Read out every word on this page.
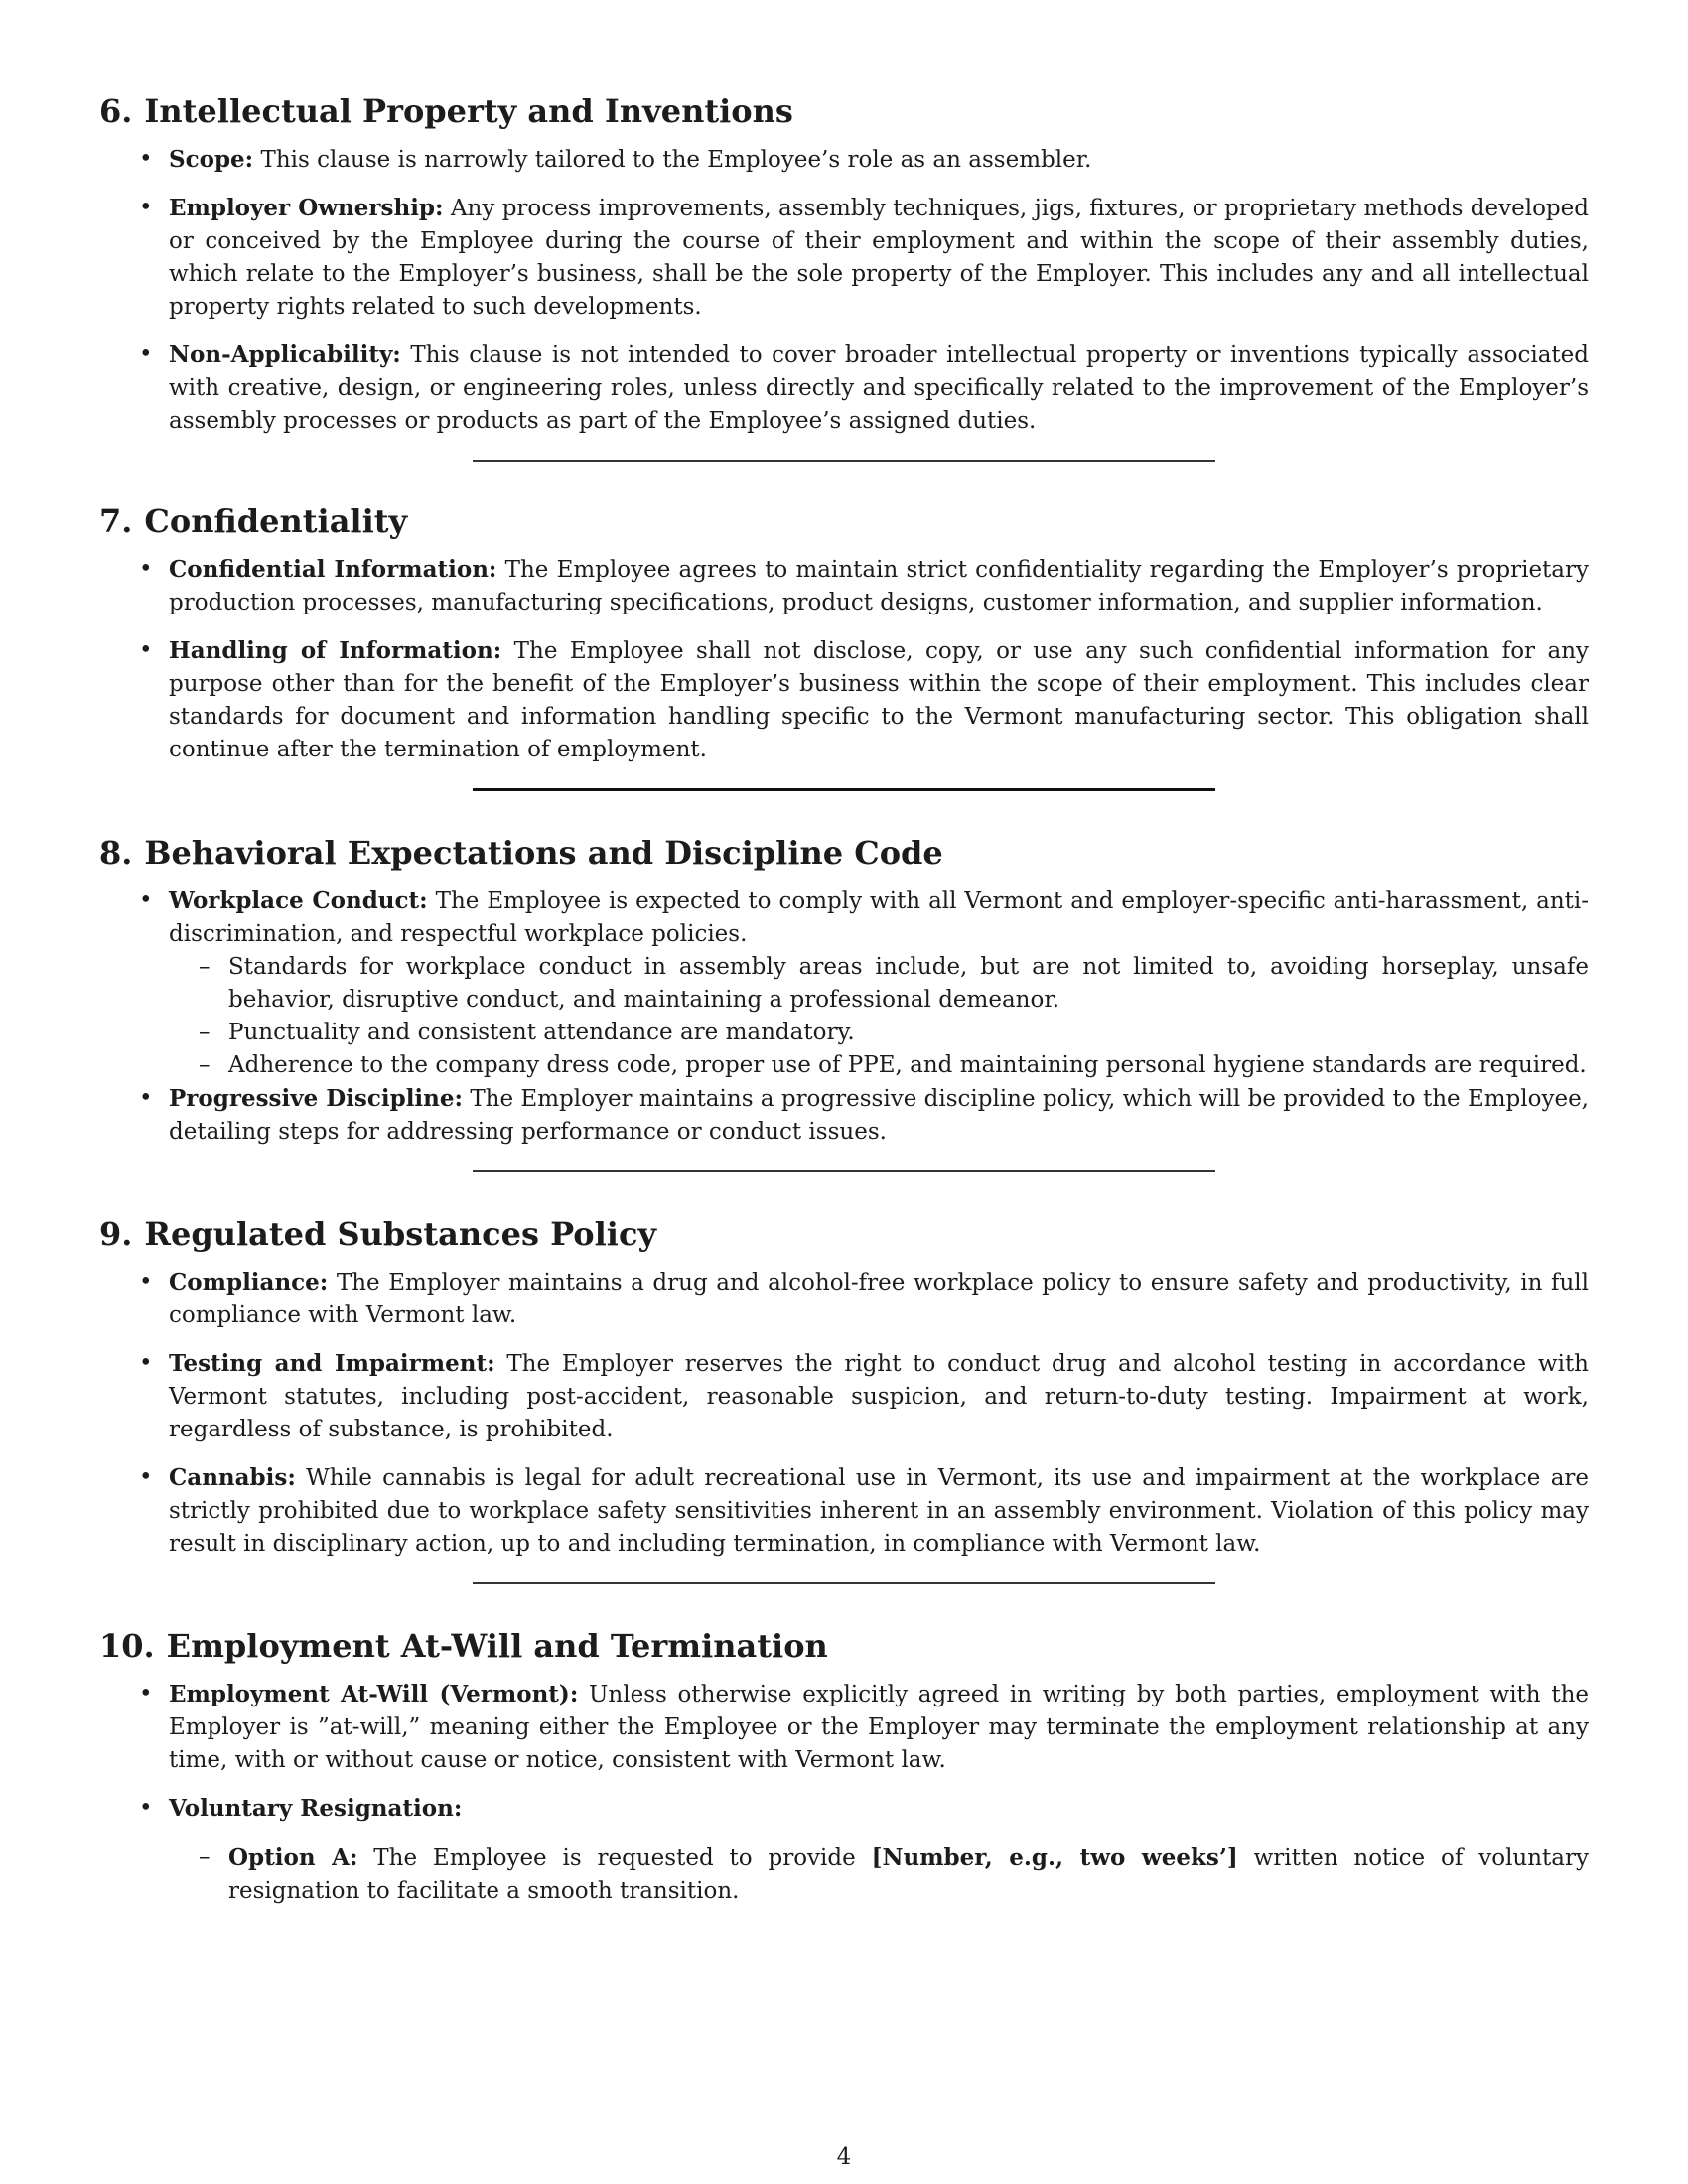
6. Intellectual Property and Inventions
• Scope: This clause is narrowly tailored to the Employee’s role as an assembler.
• Employer Ownership: Any process improvements, assembly techniques, jigs, fixtures, or proprietary methods developed or conceived by the Employee during the course of their employment and within the scope of their assembly duties, which relate to the Employer’s business, shall be the sole property of the Employer. This includes any and all intellectual property rights related to such developments.
• Non-Applicability: This clause is not intended to cover broader intellectual property or inventions typically associated with creative, design, or engineering roles, unless directly and specifically related to the improvement of the Employer’s assembly processes or products as part of the Employee’s assigned duties.
7. Confidentiality
• Confidential Information: The Employee agrees to maintain strict confidentiality regarding the Employer’s proprietary production processes, manufacturing specifications, product designs, customer information, and supplier information.
• Handling of Information: The Employee shall not disclose, copy, or use any such confidential information for any purpose other than for the benefit of the Employer’s business within the scope of their employment. This includes clear standards for document and information handling specific to the Vermont manufacturing sector. This obligation shall continue after the termination of employment.
8. Behavioral Expectations and Discipline Code
• Workplace Conduct: The Employee is expected to comply with all Vermont and employer-specific anti-harassment, anti-discrimination, and respectful workplace policies.
– Standards for workplace conduct in assembly areas include, but are not limited to, avoiding horseplay, unsafe behavior, disruptive conduct, and maintaining a professional demeanor.
– Punctuality and consistent attendance are mandatory.
– Adherence to the company dress code, proper use of PPE, and maintaining personal hygiene standards are required.
• Progressive Discipline: The Employer maintains a progressive discipline policy, which will be provided to the Employee, detailing steps for addressing performance or conduct issues.
9. Regulated Substances Policy
• Compliance: The Employer maintains a drug and alcohol-free workplace policy to ensure safety and productivity, in full compliance with Vermont law.
• Testing and Impairment: The Employer reserves the right to conduct drug and alcohol testing in accordance with Vermont statutes, including post-accident, reasonable suspicion, and return-to-duty testing. Impairment at work, regardless of substance, is prohibited.
• Cannabis: While cannabis is legal for adult recreational use in Vermont, its use and impairment at the workplace are strictly prohibited due to workplace safety sensitivities inherent in an assembly environment. Violation of this policy may result in disciplinary action, up to and including termination, in compliance with Vermont law.
10. Employment At-Will and Termination
• Employment At-Will (Vermont): Unless otherwise explicitly agreed in writing by both parties, employment with the Employer is ”at-will,” meaning either the Employee or the Employer may terminate the employment relationship at any time, with or without cause or notice, consistent with Vermont law.
• Voluntary Resignation:
– Option A: The Employee is requested to provide [Number, e.g., two weeks’] written notice of voluntary resignation to facilitate a smooth transition.
4
